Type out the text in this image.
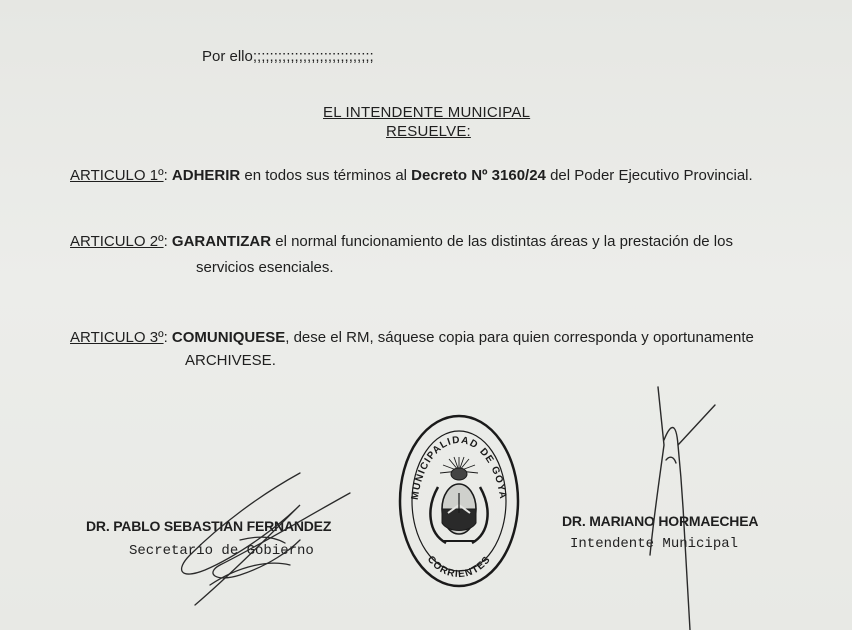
Por ello;;;;;;;;;;;;;;;;;;;;;;;;;;;;;
EL INTENDENTE MUNICIPAL
RESUELVE:
ARTICULO 1º: ADHERIR en todos sus términos al Decreto Nº 3160/24 del Poder Ejecutivo Provincial.
ARTICULO 2º: GARANTIZAR el normal funcionamiento de las distintas áreas y la prestación de los
servicios esenciales.
ARTICULO 3º: COMUNIQUESE, dese el RM, sáquese copia para quien corresponda y oportunamente
ARCHIVESE.
DR. PABLO SEBASTIAN FERNANDEZ
Secretario de Gobierno
DR. MARIANO HORMAECHEA
Intendente Municipal
MUNICIPALIDAD DE GOYA
CORRIENTES
